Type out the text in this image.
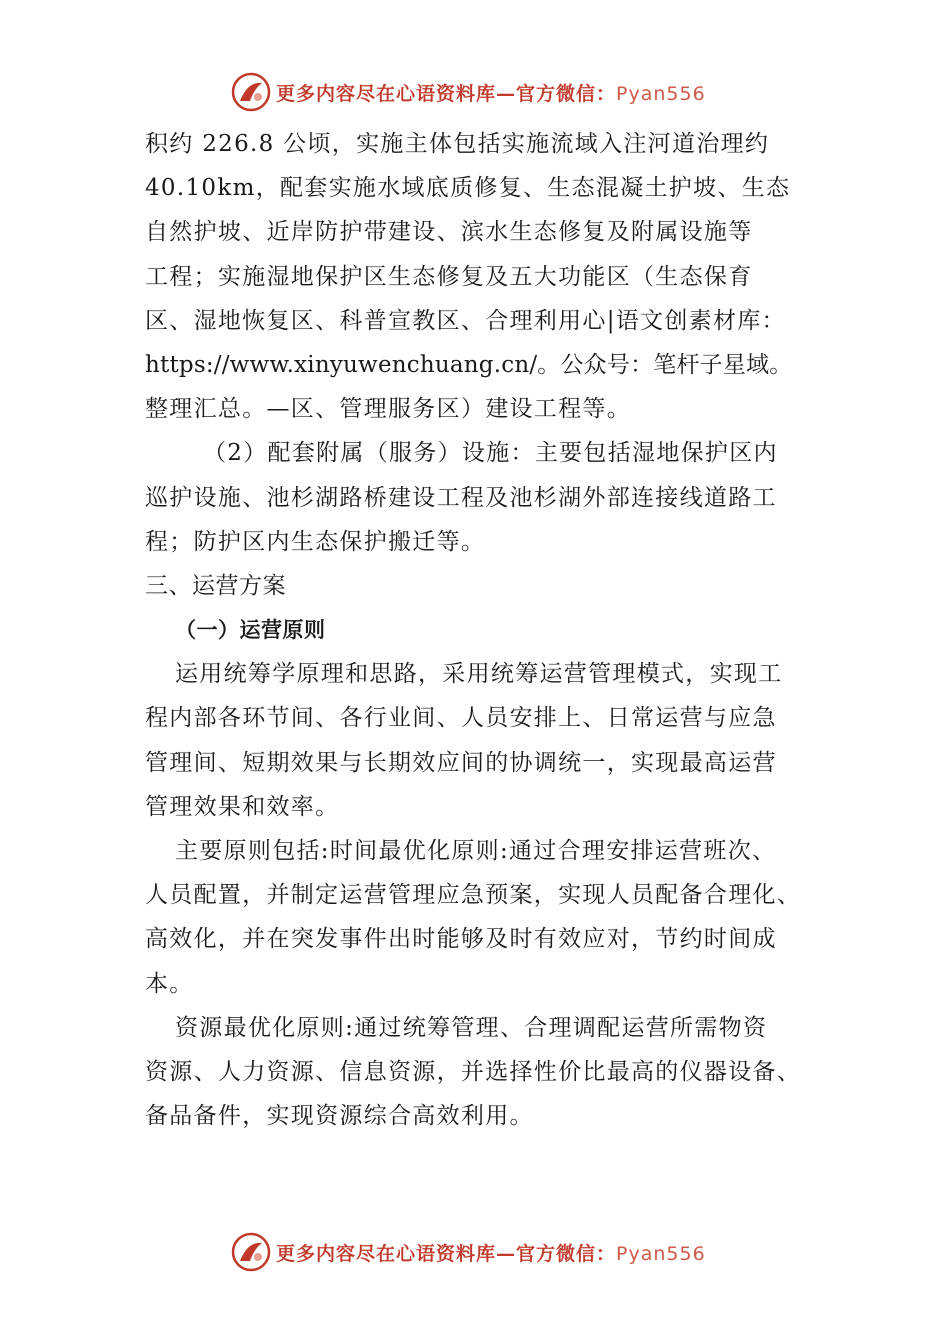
更多内容尽在心语资料库—官方微信：Pyan556
积约 226.8 公顷，实施主体包括实施流域入注河道治理约
40.10km，配套实施水域底质修复、生态混凝土护坡、生态
自然护坡、近岸防护带建设、滨水生态修复及附属设施等
工程；实施湿地保护区生态修复及五大功能区（生态保育
区、湿地恢复区、科普宣教区、合理利用心|语文创素材库：
https://www.xinyuwenchuang.cn/。公众号：笔杆子星域。
整理汇总。—区、管理服务区）建设工程等。
（2）配套附属（服务）设施：主要包括湿地保护区内
巡护设施、池杉湖路桥建设工程及池杉湖外部连接线道路工
程；防护区内生态保护搬迁等。
三、运营方案
（一）运营原则
运用统筹学原理和思路，采用统筹运营管理模式，实现工
程内部各环节间、各行业间、人员安排上、日常运营与应急
管理间、短期效果与长期效应间的协调统一，实现最高运营
管理效果和效率。
主要原则包括:时间最优化原则:通过合理安排运营班次、
人员配置，并制定运营管理应急预案，实现人员配备合理化、
高效化，并在突发事件出时能够及时有效应对，节约时间成
本。
资源最优化原则:通过统筹管理、合理调配运营所需物资
资源、人力资源、信息资源，并选择性价比最高的仪器设备、
备品备件，实现资源综合高效利用。
更多内容尽在心语资料库—官方微信：Pyan556
